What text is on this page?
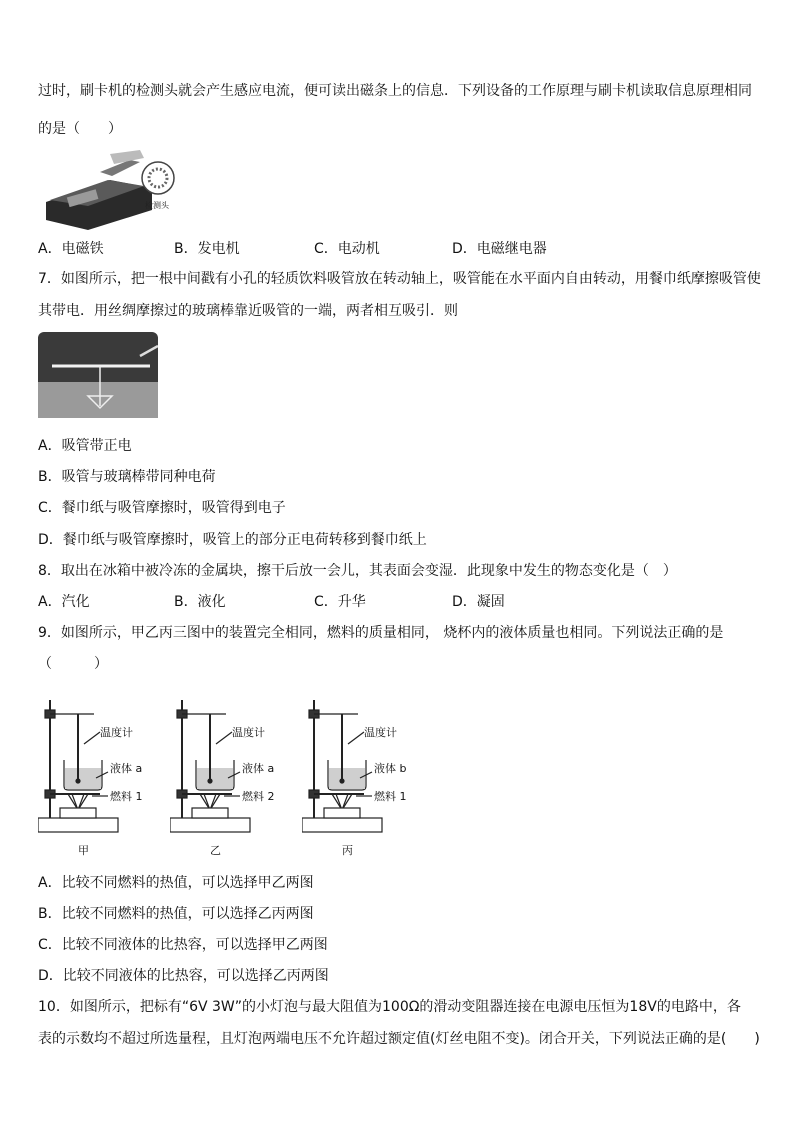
过时，刷卡机的检测头就会产生感应电流，便可读出磁条上的信息．下列设备的工作原理与刷卡机读取信息原理相同
的是（　　）
检测头
A．电磁铁	B．发电机	C．电动机	D．电磁继电器
7．如图所示，把一根中间戳有小孔的轻质饮料吸管放在转动轴上，吸管能在水平面内自由转动，用餐巾纸摩擦吸管使
其带电．用丝绸摩擦过的玻璃棒靠近吸管的一端，两者相互吸引．则
A．吸管带正电
B．吸管与玻璃棒带同种电荷
C．餐巾纸与吸管摩擦时，吸管得到电子
D．餐巾纸与吸管摩擦时，吸管上的部分正电荷转移到餐巾纸上
8．取出在冰箱中被冷冻的金属块，擦干后放一会儿，其表面会变湿．此现象中发生的物态变化是（　）
A．汽化	B．液化	C．升华	D．凝固
9．如图所示，甲乙丙三图中的装置完全相同，燃料的质量相同， 烧杯内的液体质量也相同。下列说法正确的是
（　　　）
温度计
液体 a
燃料 1
甲
温度计
液体 a
燃料 2
乙
温度计
液体 b
燃料 1
丙
A．比较不同燃料的热值，可以选择甲乙两图
B．比较不同燃料的热值，可以选择乙丙两图
C．比较不同液体的比热容，可以选择甲乙两图
D．比较不同液体的比热容，可以选择乙丙两图
10．如图所示，把标有“6V 3W”的小灯泡与最大阻值为100Ω的滑动变阻器连接在电源电压恒为18V的电路中，各
表的示数均不超过所选量程，且灯泡两端电压不允许超过额定值(灯丝电阻不变)。闭合开关，下列说法正确的是(　　)
